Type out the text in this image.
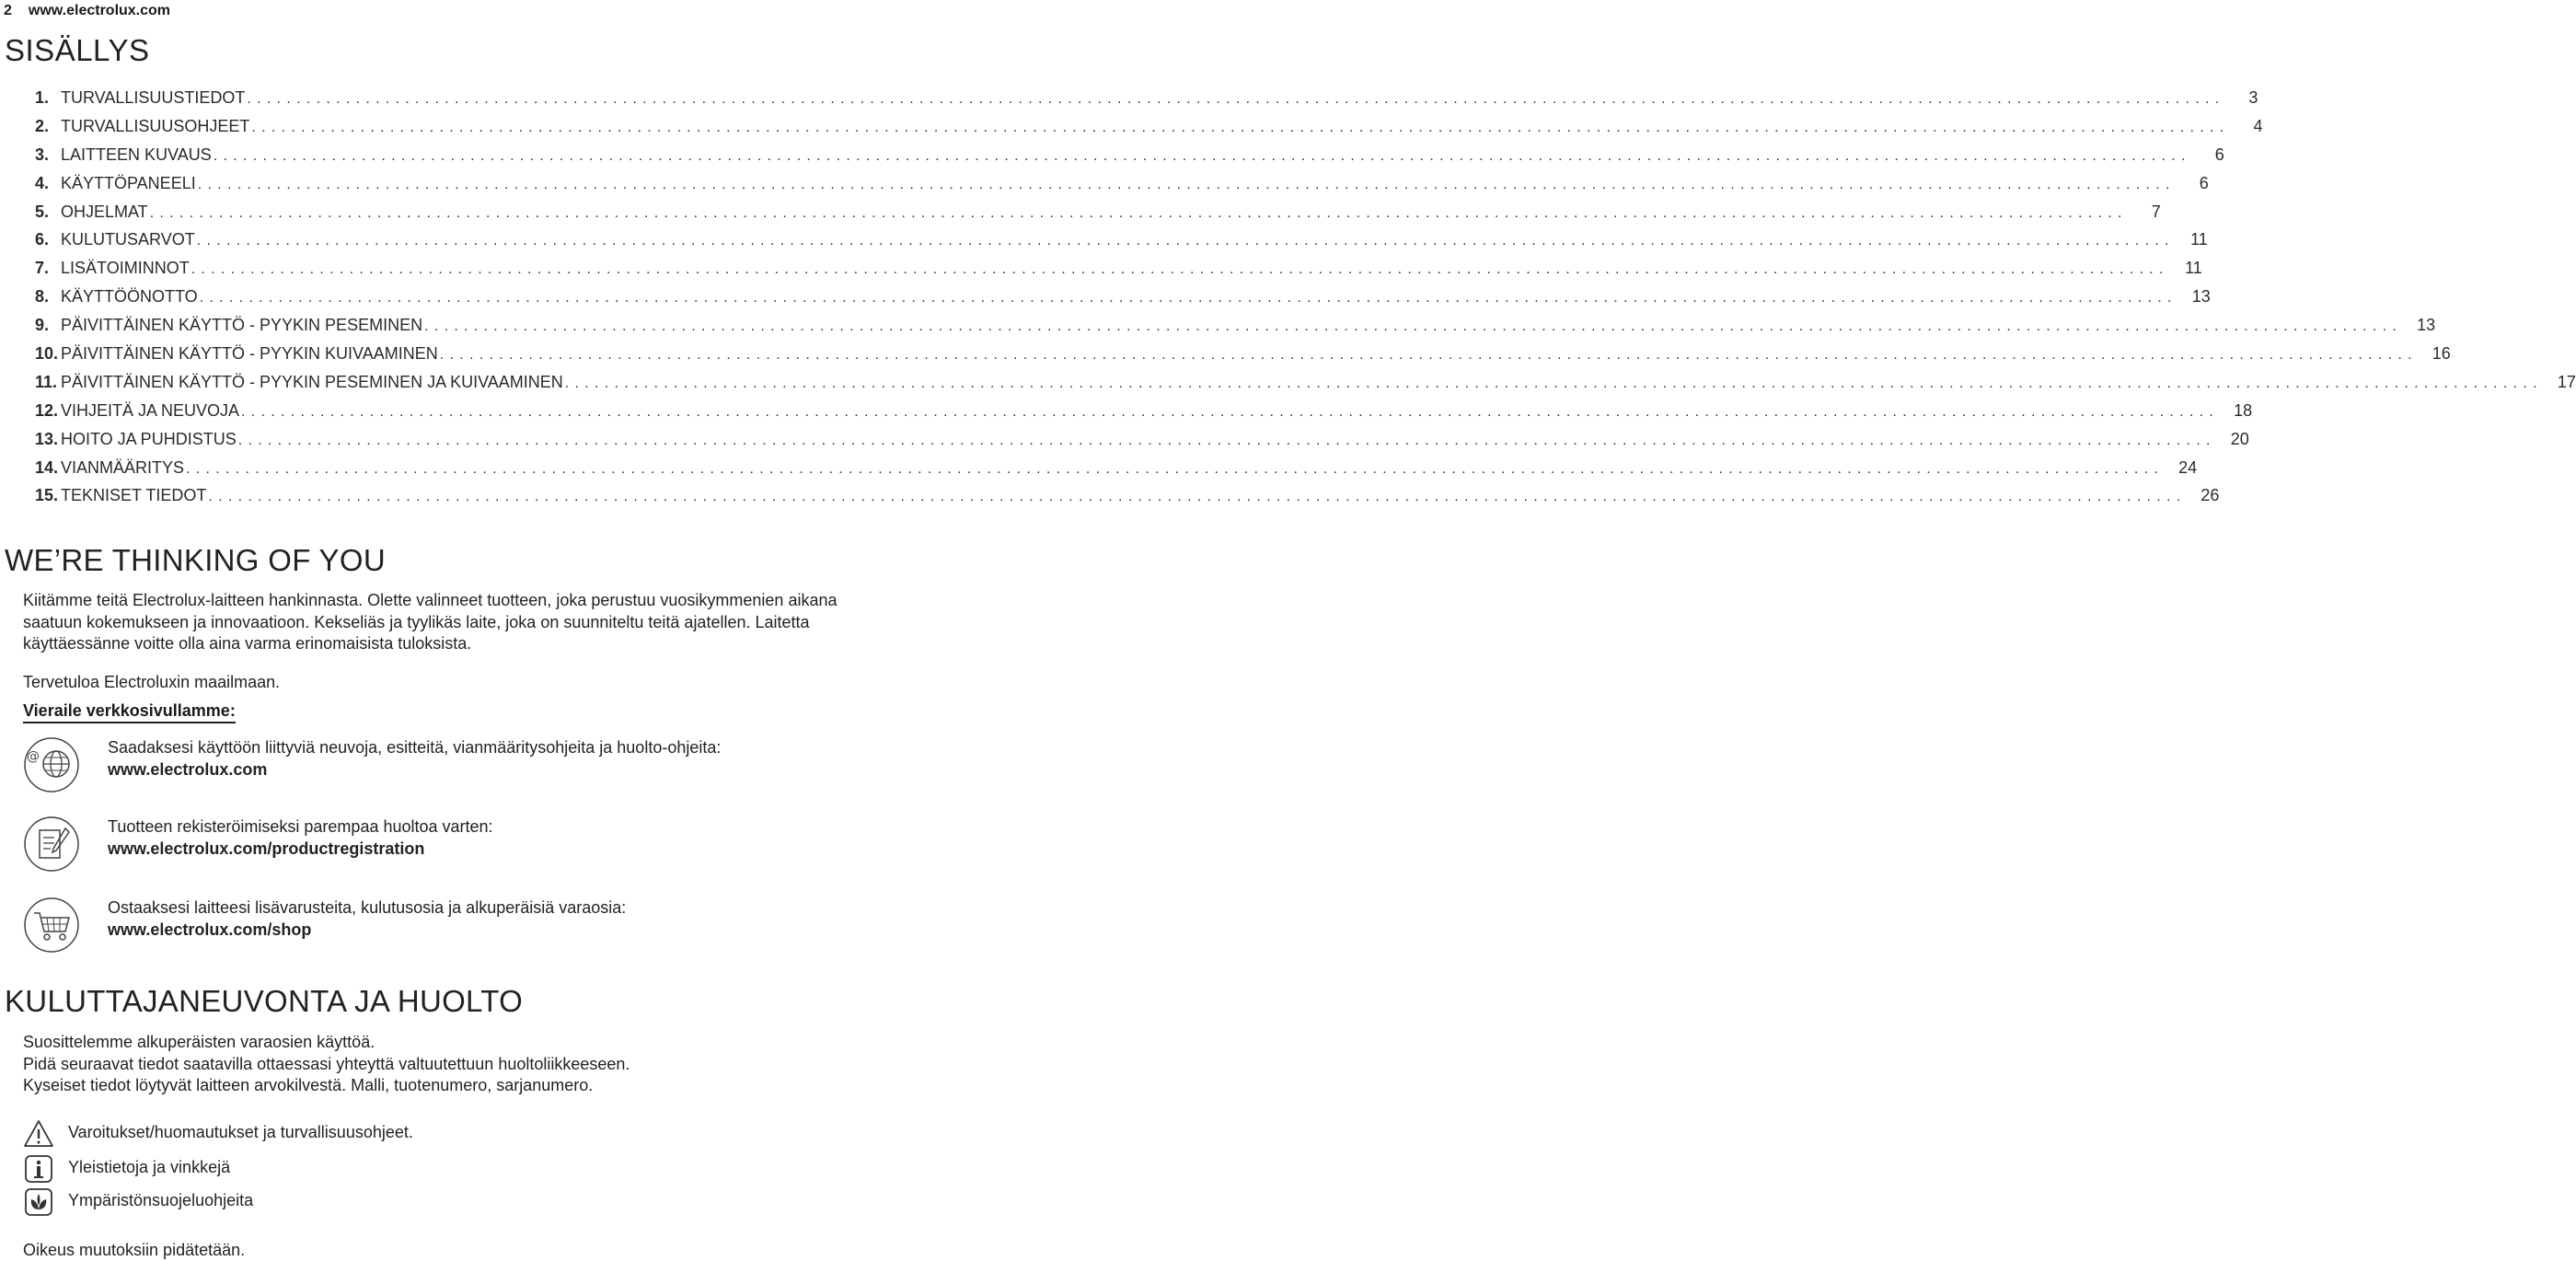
2 www.electrolux.com
SISÄLLYS
1. TURVALLISUUSTIEDOT ........................................................................................................................................................................................................	3
2. TURVALLISUUSOHJEET ........................................................................................................................................................................................................	4
3. LAITTEEN KUVAUS ........................................................................................................................................................................................................	6
4. KÄYTTÖPANEELI ........................................................................................................................................................................................................	6
5. OHJELMAT ........................................................................................................................................................................................................	7
6. KULUTUSARVOT ........................................................................................................................................................................................................ 11
7. LISÄTOIMINNOT ........................................................................................................................................................................................................ 11
8. KÄYTTÖÖNOTTO ........................................................................................................................................................................................................ 13
9. PÄIVITTÄINEN KÄYTTÖ - PYYKIN PESEMINEN ........................................................................................................................................................................................................ 13
10. PÄIVITTÄINEN KÄYTTÖ - PYYKIN KUIVAAMINEN ........................................................................................................................................................................................................ 16
11. PÄIVITTÄINEN KÄYTTÖ - PYYKIN PESEMINEN JA KUIVAAMINEN ........................................................................................................................................................................................................ 17
12. VIHJEITÄ JA NEUVOJA ........................................................................................................................................................................................................ 18
13. HOITO JA PUHDISTUS ........................................................................................................................................................................................................ 20
14. VIANMÄÄRITYS ........................................................................................................................................................................................................ 24
15. TEKNISET TIEDOT ........................................................................................................................................................................................................ 26
WE’RE THINKING OF YOU

Kiitämme teitä Electrolux-laitteen hankinnasta. Olette valinneet tuotteen, joka perustuu vuosikymmenien aikana saatuun kokemukseen ja innovaatioon. Kekseliäs ja tyylikäs laite, joka on suunniteltu teitä ajatellen. Laitetta käyttäessänne voitte olla aina varma erinomaisista tuloksista.

Tervetuloa Electroluxin maailmaan.

Vieraile verkkosivullamme:
@	Saadaksesi käyttöön liittyviä neuvoja, esitteitä, vianmääritysohjeita ja huolto-ohjeita:
www.electrolux.com
Tuotteen rekisteröimiseksi parempaa huoltoa varten:
www.electrolux.com/productregistration
Ostaaksesi laitteesi lisävarusteita, kulutusosia ja alkuperäisiä varaosia:
www.electrolux.com/shop
KULUTTAJANEUVONTA JA HUOLTO
Suosittelemme alkuperäisten varaosien käyttöä.
Pidä seuraavat tiedot saatavilla ottaessasi yhteyttä valtuutettuun huoltoliikkeeseen.
Kyseiset tiedot löytyvät laitteen arvokilvestä. Malli, tuotenumero, sarjanumero.
Varoitukset/huomautukset ja turvallisuusohjeet.
Yleistietoja ja vinkkejä
Ympäristönsuojeluohjeita
Oikeus muutoksiin pidätetään.
